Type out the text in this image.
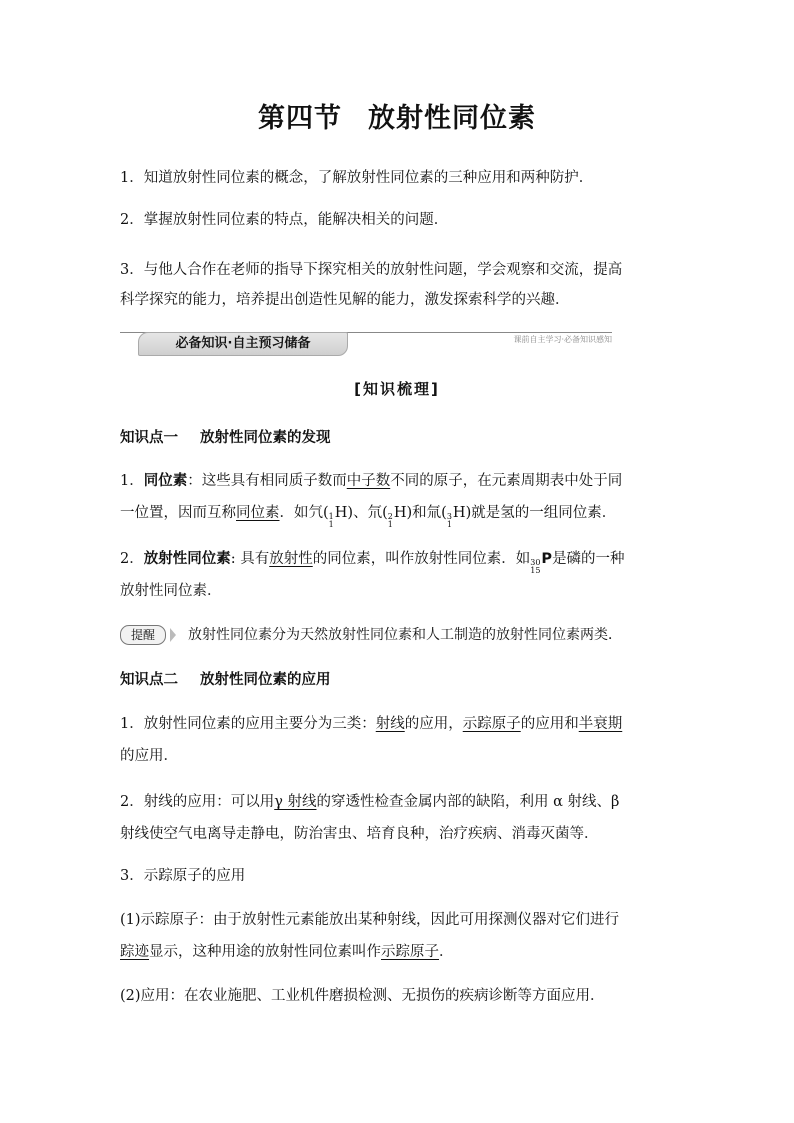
第四节 放射性同位素
1．知道放射性同位素的概念，了解放射性同位素的三种应用和两种防护．
2．掌握放射性同位素的特点，能解决相关的问题．
3．与他人合作在老师的指导下探究相关的放射性问题，学会观察和交流，提高
科学探究的能力，培养提出创造性见解的能力，激发探索科学的兴趣．
必备知识·自主预习储备	课前自主学习·必备知识感知
[知识梳理]
知识点一 放射性同位素的发现
1．同位素：这些具有相同质子数而中子数不同的原子，在元素周期表中处于同
一位置，因而互称同位素．如氕( 1
1
H)、氘( 2
1
H)和氚( 3
1
H)就是氢的一组同位素．
2．放射性同位素: 具有放射性的同位素，叫作放射性同位素．如 30
15
P是磷的一种
放射性同位素．
提醒 放射性同位素分为天然放射性同位素和人工制造的放射性同位素两类．
知识点二 放射性同位素的应用
1．放射性同位素的应用主要分为三类：射线的应用，示踪原子的应用和半衰期
的应用．
2．射线的应用：可以用γ 射线的穿透性检查金属内部的缺陷，利用 α 射线、β
射线使空气电离导走静电，防治害虫、培育良种，治疗疾病、消毒灭菌等．
3．示踪原子的应用
(1)示踪原子：由于放射性元素能放出某种射线，因此可用探测仪器对它们进行
踪迹显示，这种用途的放射性同位素叫作示踪原子．
(2)应用：在农业施肥、工业机件磨损检测、无损伤的疾病诊断等方面应用．
